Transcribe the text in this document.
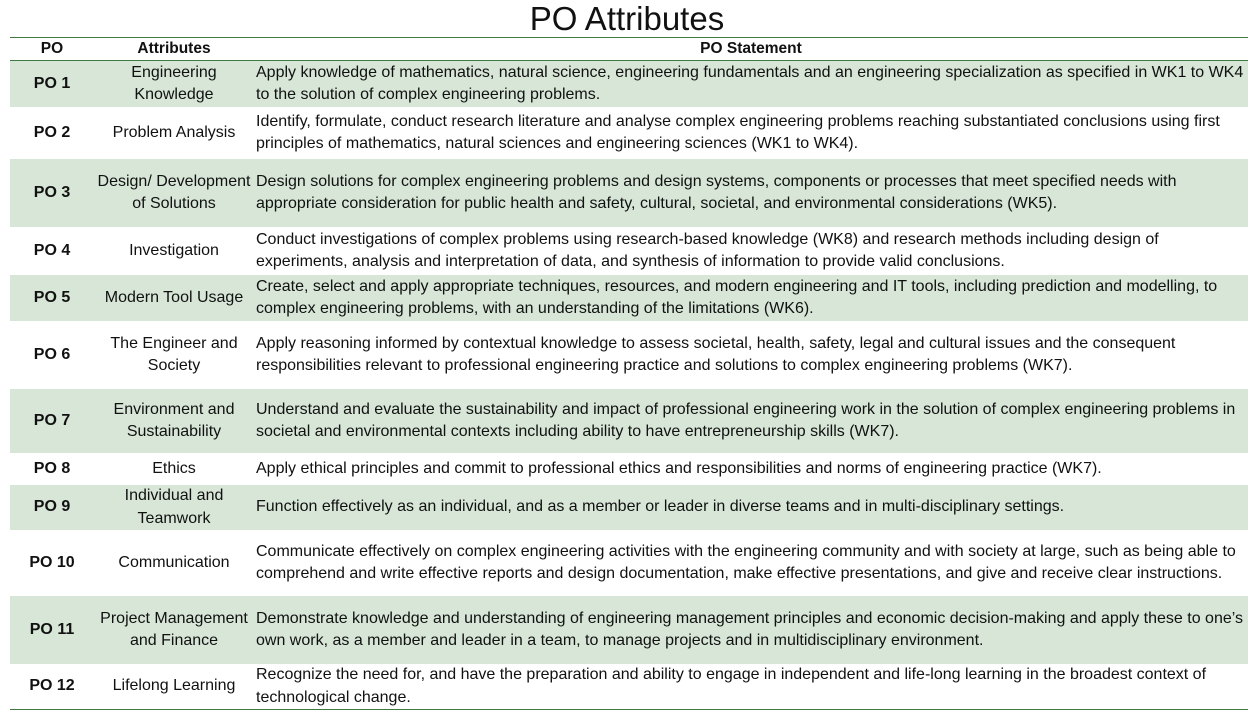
PO Attributes
PO	Attributes	PO Statement
PO 1	Engineering Knowledge	Apply knowledge of mathematics, natural science, engineering fundamentals and an engineering specialization as specified in WK1 to WK4 to the solution of complex engineering problems.
PO 2	Problem Analysis	Identify, formulate, conduct research literature and analyse complex engineering problems reaching substantiated conclusions using first principles of mathematics, natural sciences and engineering sciences (WK1 to WK4).
PO 3	Design/ Development of Solutions	Design solutions for complex engineering problems and design systems, components or processes that meet specified needs with appropriate consideration for public health and safety, cultural, societal, and environmental considerations (WK5).
PO 4	Investigation	Conduct investigations of complex problems using research-based knowledge (WK8) and research methods including design of experiments, analysis and interpretation of data, and synthesis of information to provide valid conclusions.
PO 5	Modern Tool Usage	Create, select and apply appropriate techniques, resources, and modern engineering and IT tools, including prediction and modelling, to complex engineering problems, with an understanding of the limitations (WK6).
PO 6	The Engineer and Society	Apply reasoning informed by contextual knowledge to assess societal, health, safety, legal and cultural issues and the consequent responsibilities relevant to professional engineering practice and solutions to complex engineering problems (WK7).
PO 7	Environment and Sustainability	Understand and evaluate the sustainability and impact of professional engineering work in the solution of complex engineering problems in societal and environmental contexts including ability to have entrepreneurship skills (WK7).
PO 8	Ethics	Apply ethical principles and commit to professional ethics and responsibilities and norms of engineering practice (WK7).
PO 9	Individual and Teamwork	Function effectively as an individual, and as a member or leader in diverse teams and in multi-disciplinary settings.
PO 10	Communication	Communicate effectively on complex engineering activities with the engineering community and with society at large, such as being able to comprehend and write effective reports and design documentation, make effective presentations, and give and receive clear instructions.
PO 11	Project Management and Finance	Demonstrate knowledge and understanding of engineering management principles and economic decision-making and apply these to one’s own work, as a member and leader in a team, to manage projects and in multidisciplinary environment.
PO 12	Lifelong Learning	Recognize the need for, and have the preparation and ability to engage in independent and life-long learning in the broadest context of technological change.
